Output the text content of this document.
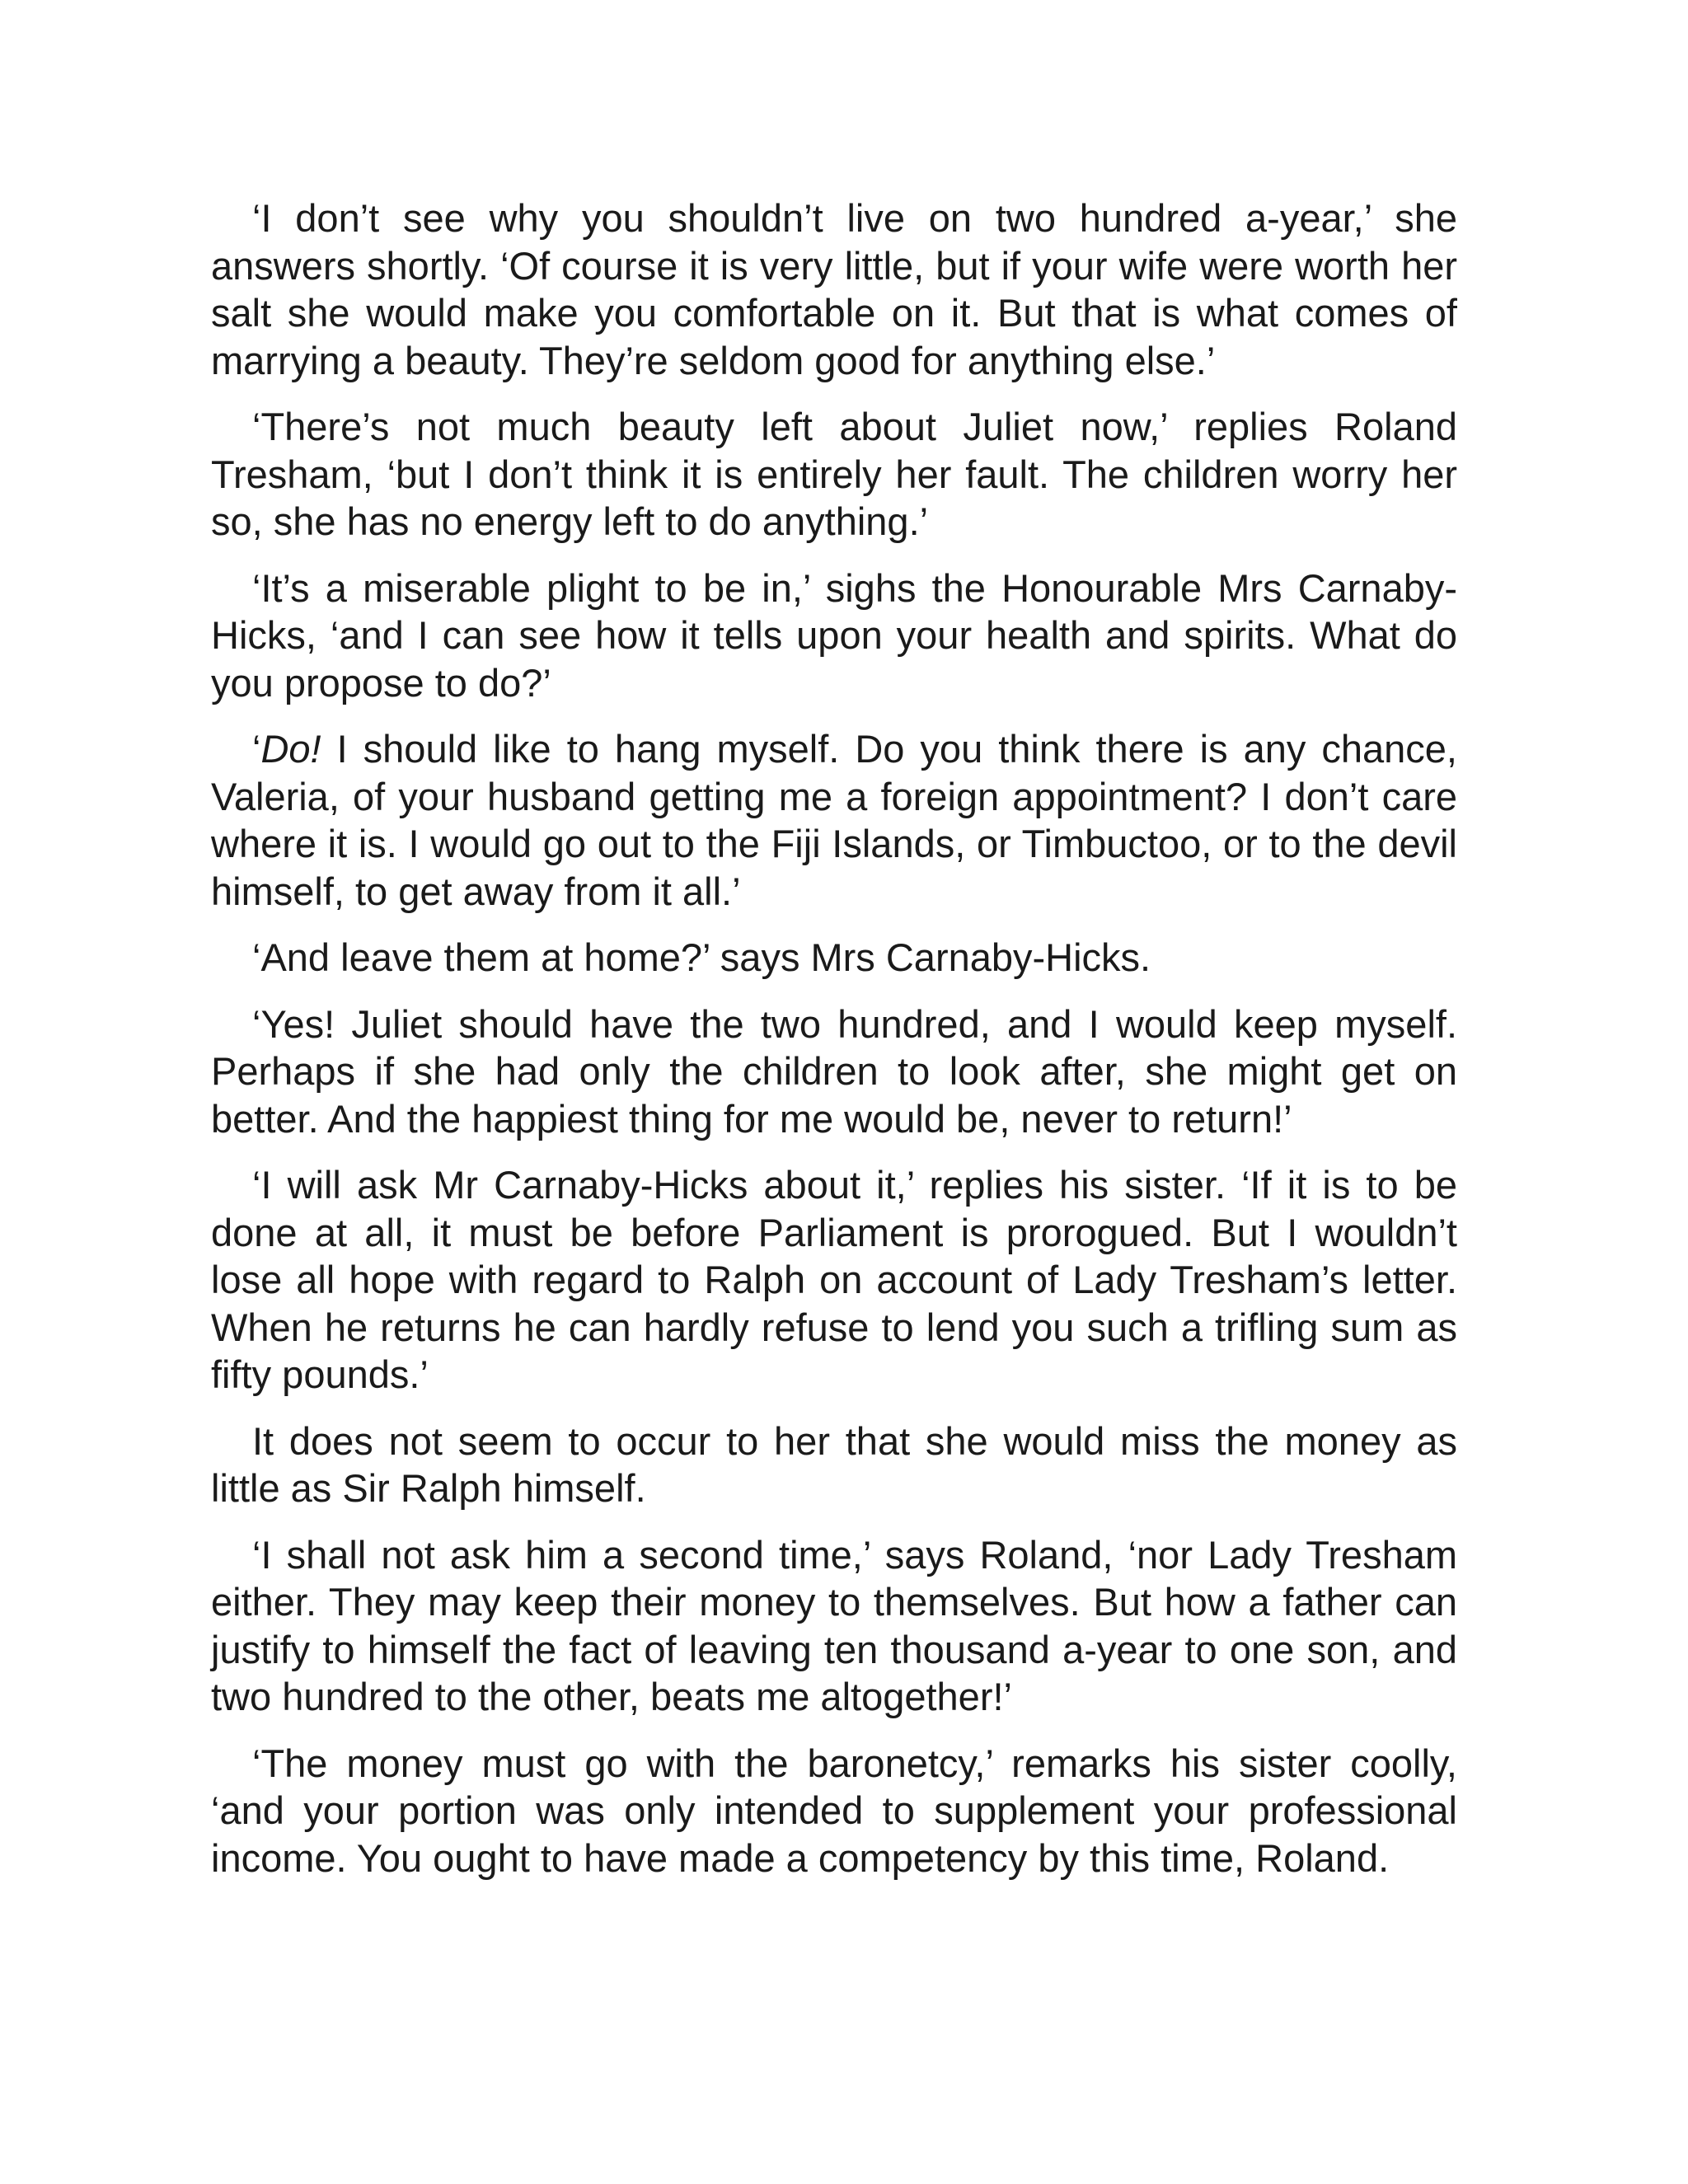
‘I don’t see why you shouldn’t live on two hundred a-year,’ she answers shortly. ‘Of course it is very little, but if your wife were worth her salt she would make you comfortable on it. But that is what comes of marrying a beauty. They’re seldom good for anything else.’

‘There’s not much beauty left about Juliet now,’ replies Roland Tresham, ‘but I don’t think it is entirely her fault. The children worry her so, she has no energy left to do anything.’

‘It’s a miserable plight to be in,’ sighs the Honourable Mrs Carnaby-Hicks, ‘and I can see how it tells upon your health and spirits. What do you propose to do?’

‘Do! I should like to hang myself. Do you think there is any chance, Valeria, of your husband getting me a foreign appointment? I don’t care where it is. I would go out to the Fiji Islands, or Timbuctoo, or to the devil himself, to get away from it all.’

‘And leave them at home?’ says Mrs Carnaby-Hicks.

‘Yes! Juliet should have the two hundred, and I would keep myself. Perhaps if she had only the children to look after, she might get on better. And the happiest thing for me would be, never to return!’

‘I will ask Mr Carnaby-Hicks about it,’ replies his sister. ‘If it is to be done at all, it must be before Parliament is prorogued. But I wouldn’t lose all hope with regard to Ralph on account of Lady Tresham’s letter. When he returns he can hardly refuse to lend you such a trifling sum as fifty pounds.’

It does not seem to occur to her that she would miss the money as little as Sir Ralph himself.

‘I shall not ask him a second time,’ says Roland, ‘nor Lady Tresham either. They may keep their money to themselves. But how a father can justify to himself the fact of leaving ten thousand a-year to one son, and two hundred to the other, beats me altogether!’

‘The money must go with the baronetcy,’ remarks his sister coolly, ‘and your portion was only intended to supplement your professional income. You ought to have made a competency by this time, Roland.
